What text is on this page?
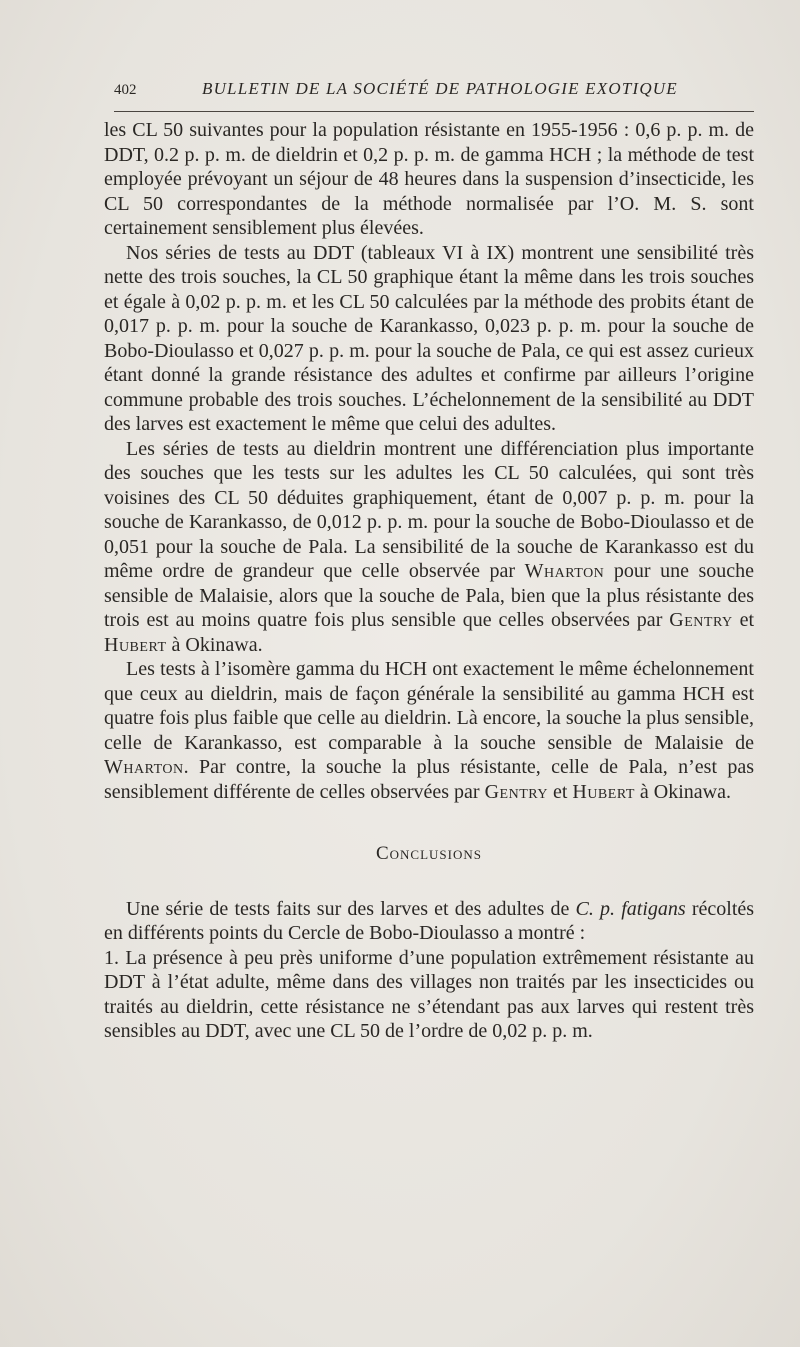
402	BULLETIN DE LA SOCIÉTÉ DE PATHOLOGIE EXOTIQUE

les CL 50 suivantes pour la population résistante en 1955-1956 : 0,6 p. p. m. de DDT, 0.2 p. p. m. de dieldrin et 0,2 p. p. m. de gamma HCH ; la méthode de test employée prévoyant un séjour de 48 heures dans la suspension d’insecticide, les CL 50 correspondantes de la méthode normalisée par l’O. M. S. sont certainement sensiblement plus élevées.

Nos séries de tests au DDT (tableaux VI à IX) montrent une sensibilité très nette des trois souches, la CL 50 graphique étant la même dans les trois souches et égale à 0,02 p. p. m. et les CL 50 calculées par la méthode des probits étant de 0,017 p. p. m. pour la souche de Karankasso, 0,023 p. p. m. pour la souche de Bobo-Dioulasso et 0,027 p. p. m. pour la souche de Pala, ce qui est assez curieux étant donné la grande résistance des adultes et confirme par ailleurs l’origine commune probable des trois souches. L’échelonnement de la sensibilité au DDT des larves est exactement le même que celui des adultes.

Les séries de tests au dieldrin montrent une différenciation plus importante des souches que les tests sur les adultes les CL 50 calculées, qui sont très voisines des CL 50 déduites graphiquement, étant de 0,007 p. p. m. pour la souche de Karankasso, de 0,012 p. p. m. pour la souche de Bobo-Dioulasso et de 0,051 pour la souche de Pala. La sensibilité de la souche de Karankasso est du même ordre de grandeur que celle observée par Wharton pour une souche sensible de Malaisie, alors que la souche de Pala, bien que la plus résistante des trois est au moins quatre fois plus sensible que celles observées par Gentry et Hubert à Okinawa.

Les tests à l’isomère gamma du HCH ont exactement le même échelonnement que ceux au dieldrin, mais de façon générale la sensibilité au gamma HCH est quatre fois plus faible que celle au dieldrin. Là encore, la souche la plus sensible, celle de Karankasso, est comparable à la souche sensible de Malaisie de Wharton. Par contre, la souche la plus résistante, celle de Pala, n’est pas sensiblement différente de celles observées par Gentry et Hubert à Okinawa.

Conclusions

Une série de tests faits sur des larves et des adultes de C. p. fatigans récoltés en différents points du Cercle de Bobo-Dioulasso a montré :

1. La présence à peu près uniforme d’une population extrêmement résistante au DDT à l’état adulte, même dans des villages non traités par les insecticides ou traités au dieldrin, cette résistance ne s’étendant pas aux larves qui restent très sensibles au DDT, avec une CL 50 de l’ordre de 0,02 p. p. m.
